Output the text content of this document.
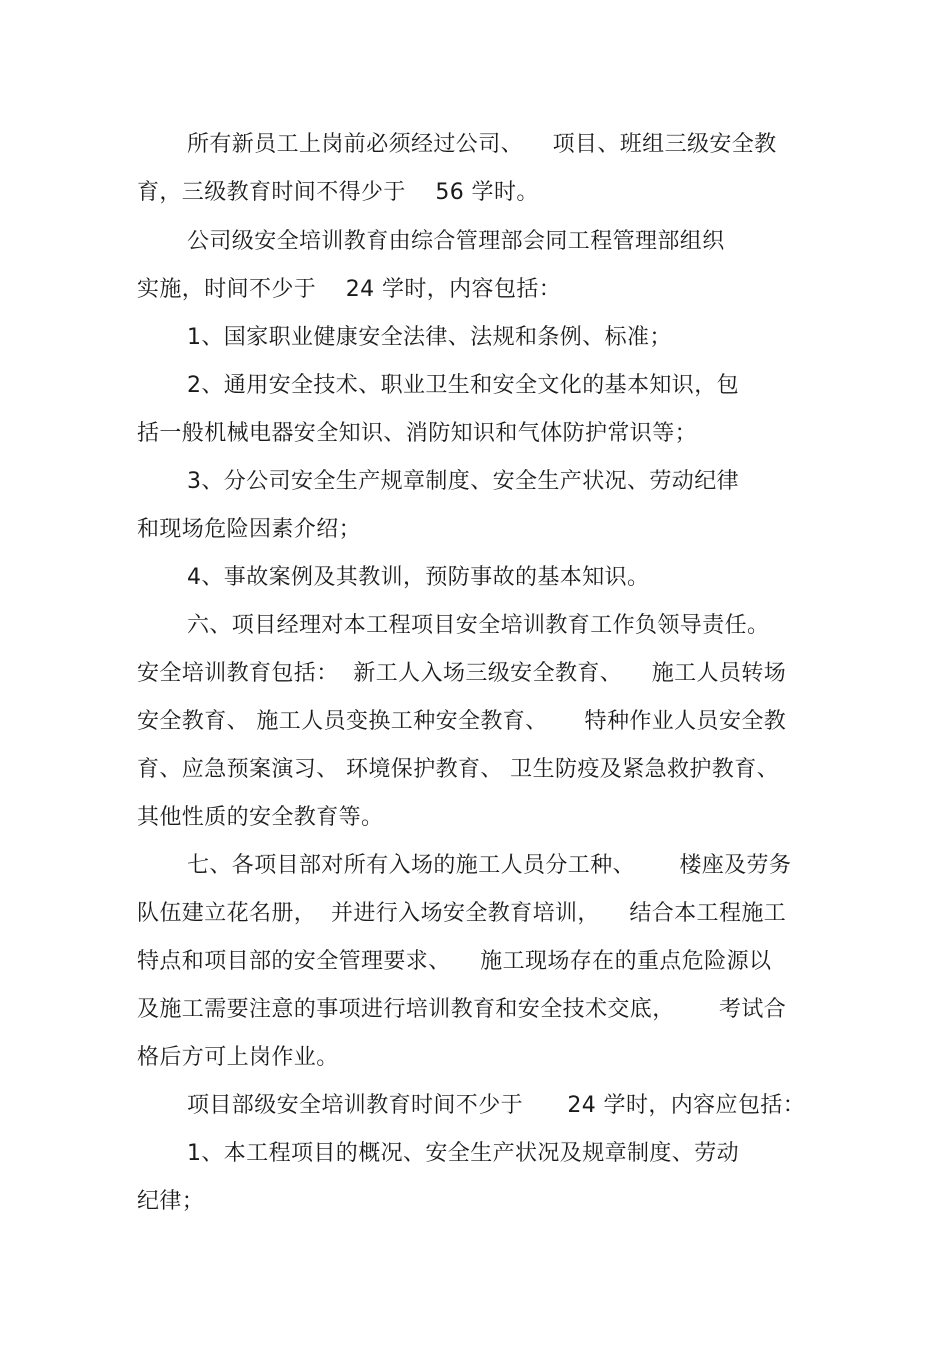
所有新员工上岗前必须经过公司、    项目、班组三级安全教
育，三级教育时间不得少于    56 学时。
公司级安全培训教育由综合管理部会同工程管理部组织
实施，时间不少于    24 学时，内容包括：
1、国家职业健康安全法律、法规和条例、标准；
2、通用安全技术、职业卫生和安全文化的基本知识，包
括一般机械电器安全知识、消防知识和气体防护常识等；
3、分公司安全生产规章制度、安全生产状况、劳动纪律
和现场危险因素介绍；
4、事故案例及其教训，预防事故的基本知识。
六、项目经理对本工程项目安全培训教育工作负领导责任。
安全培训教育包括：  新工人入场三级安全教育、    施工人员转场
安全教育、 施工人员变换工种安全教育、     特种作业人员安全教
育、应急预案演习、 环境保护教育、 卫生防疫及紧急救护教育、
其他性质的安全教育等。
七、各项目部对所有入场的施工人员分工种、      楼座及劳务
队伍建立花名册，  并进行入场安全教育培训，    结合本工程施工
特点和项目部的安全管理要求、    施工现场存在的重点危险源以
及施工需要注意的事项进行培训教育和安全技术交底，      考试合
格后方可上岗作业。
项目部级安全培训教育时间不少于      24 学时，内容应包括：
1、本工程项目的概况、安全生产状况及规章制度、劳动
纪律；
